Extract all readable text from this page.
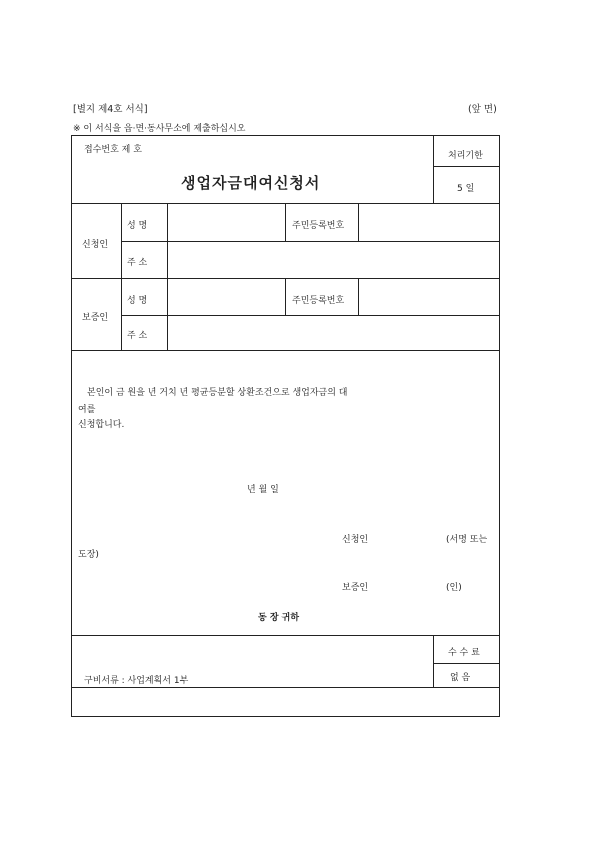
[별지 제4호 서식]	(앞 면)
※ 이 서식을 읍·면·동사무소에 제출하십시오
접수번호 제 호
생업자금대여신청서
처리기한
5 일
신청인
성 명	주민등록번호
주 소
보증인
성 명	주민등록번호
주 소
본인이 금 원을 년 거치 년 평균등분할 상환조건으로 생업자금의 대
여를
신청합니다.
년 월 일
신청인	(서명 또는
도장)
보증인	(인)
동 장 귀하
구비서류 : 사업계획서 1부
수 수 료
없 음
